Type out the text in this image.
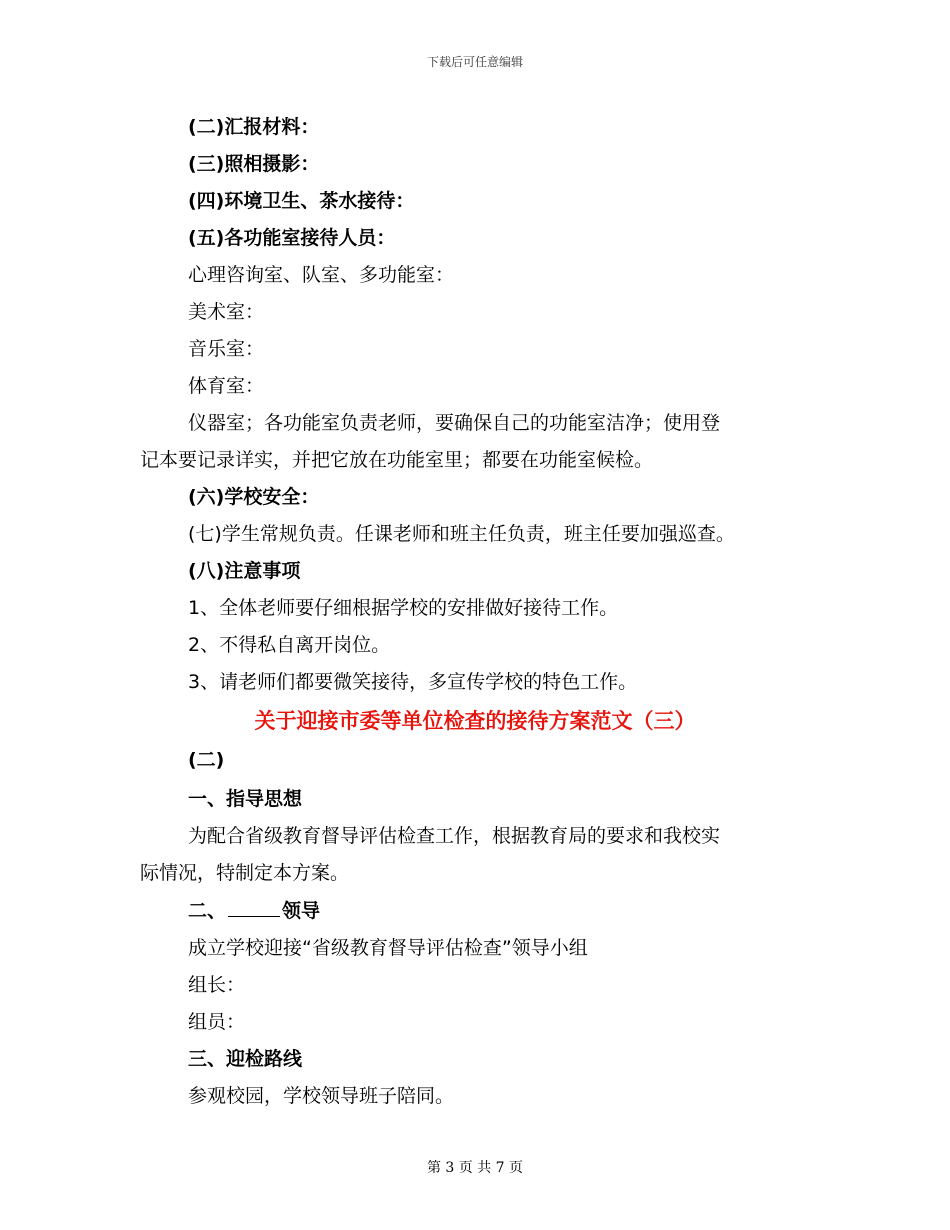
下载后可任意编辑
(二)汇报材料：
(三)照相摄影：
(四)环境卫生、茶水接待：
(五)各功能室接待人员：
心理咨询室、队室、多功能室：
美术室：
音乐室：
体育室：
仪器室；各功能室负责老师，要确保自己的功能室洁净；使用登
记本要记录详实，并把它放在功能室里；都要在功能室候检。
(六)学校安全：
(七)学生常规负责。任课老师和班主任负责，班主任要加强巡查。
(八)注意事项
1、全体老师要仔细根据学校的安排做好接待工作。
2、不得私自离开岗位。
3、请老师们都要微笑接待，多宣传学校的特色工作。
关于迎接市委等单位检查的接待方案范文（三）
(二)
一、指导思想
为配合省级教育督导评估检查工作，根据教育局的要求和我校实
际情况，特制定本方案。
二、	领导
成立学校迎接“省级教育督导评估检查”领导小组
组长：
组员：
三、迎检路线
参观校园，学校领导班子陪同。
第 3 页 共 7 页
